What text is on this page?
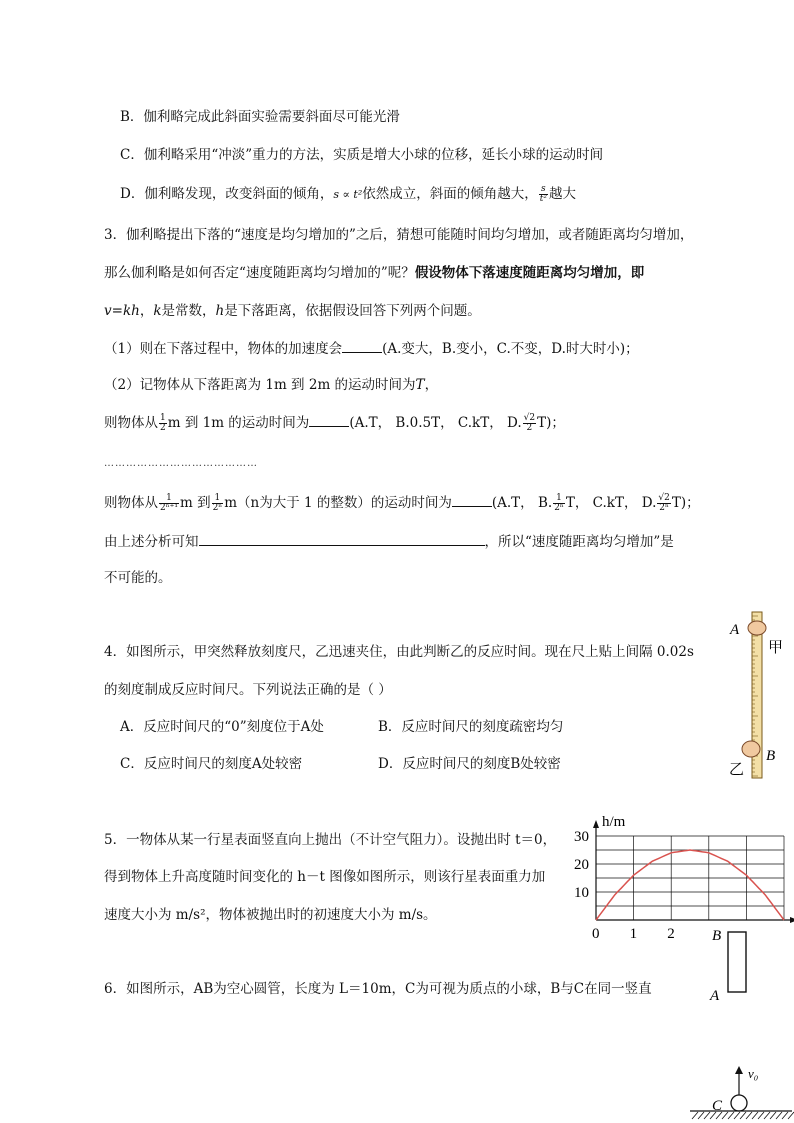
B．伽利略完成此斜面实验需要斜面尽可能光滑
C．伽利略采用“冲淡”重力的方法，实质是增大小球的位移，延长小球的运动时间
D．伽利略发现，改变斜面的倾角，s ∝ t²依然成立，斜面的倾角越大， $\frac{s}{\text{t²}}$ 越大
3．伽利略提出下落的“速度是均匀增加的”之后，猜想可能随时间均匀增加，或者随距离均匀增加，
那么伽利略是如何否定“速度随距离均匀增加的”呢？假设物体下落速度随距离均匀增加，即
v=kh，k是常数，h是下落距离，依据假设回答下列两个问题。
（1）则在下落过程中，物体的加速度会	(A.变大，B.变小，C.不变，D.时大时小)；
（2）记物体从下落距离为 1m 到 2m 的运动时间为T，
则物体从 $\frac{1}{2}$ m 到 1m 的运动时间为	(A.T， B.0.5T， C.kT， D. $\frac{√2}{2} T$)；
……………………………………
则物体从 $\frac{1}{\text{2ⁿ⁺¹}}$ m 到 $\frac{1}{\text{2ⁿ}} m(n$为大于 1 的整数）的运动时间为	(A.T， B. $\frac{1}{\text{2ⁿ}}$ T， C.kT， D. $\frac{√2}{\text{2ⁿ}} T$)；
由上述分析可知	，所以“速度随距离均匀增加”是
不可能的。
4．如图所示，甲突然释放刻度尺，乙迅速夹住，由此判断乙的反应时间。现在尺上贴上间隔 0.02s
的刻度制成反应时间尺。下列说法正确的是（ ）
A．反应时间尺的“0”刻度位于A处	B．反应时间尺的刻度疏密均匀
C．反应时间尺的刻度A处较密	D．反应时间尺的刻度B处较密
A
甲
B
乙
5．一物体从某一行星表面竖直向上抛出（不计空气阻力）。设抛出时 t＝0，
得到物体上升高度随时间变化的 h－t 图像如图所示，则该行星表面重力加
速度大小为 m/s²，物体被抛出时的初速度大小为 m/s。
h/m
10
20
30
0 1 2
6．如图所示，AB为空心圆管，长度为 L＝10m，C为可视为质点的小球，B与C在同一竖直
B
A
v₀
C
